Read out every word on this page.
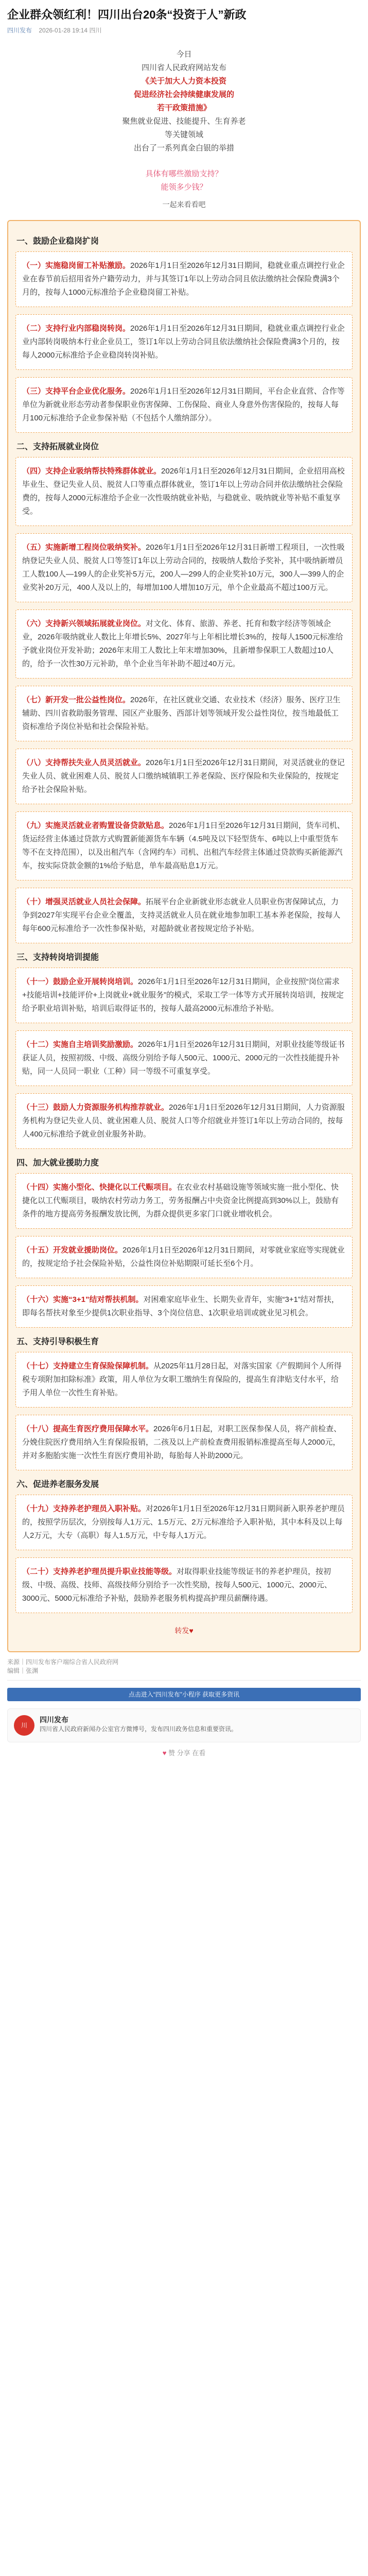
企业群众领红利！四川出台20条“投资于人”新政
四川发布 2026-01-28 19:14 四川

今日

四川省人民政府网站发布

《关于加大人力资本投资

促进经济社会持续健康发展的

若干政策措施》

聚焦就业促进、技能提升、生育养老

等关键领域

出台了一系列真金白银的举措

具体有哪些激励支持？

能领多少钱？

一起来看看吧
一、鼓励企业稳岗扩岗
（一）实施稳岗留工补贴激励。2026年1月1日至2026年12月31日期间，稳就业重点调控行业企业在春节前后招用省外户籍劳动力，并与其签订1年以上劳动合同且依法缴纳社会保险费满3个月的，按每人1000元标准给予企业稳岗留工补贴。
（二）支持行业内部稳岗转岗。2026年1月1日至2026年12月31日期间，稳就业重点调控行业企业内部转岗吸纳本行业企业员工，签订1年以上劳动合同且依法缴纳社会保险费满3个月的，按每人2000元标准给予企业稳岗转岗补贴。
（三）支持平台企业优化服务。2026年1月1日至2026年12月31日期间，平台企业直营、合作等单位为新就业形态劳动者参保职业伤害保障、工伤保险、商业人身意外伤害保险的，按每人每月100元标准给予企业参保补贴（不包括个人缴纳部分）。
二、支持拓展就业岗位
（四）支持企业吸纳帮扶特殊群体就业。2026年1月1日至2026年12月31日期间，企业招用高校毕业生、登记失业人员、脱贫人口等重点群体就业，签订1年以上劳动合同并依法缴纳社会保险费的，按每人2000元标准给予企业一次性吸纳就业补贴，与稳就业、吸纳就业等补贴不重复享受。
（五）实施新增工程岗位吸纳奖补。2026年1月1日至2026年12月31日新增工程项目，一次性吸纳登记失业人员、脱贫人口等签订1年以上劳动合同的，按吸纳人数给予奖补，其中吸纳新增员工人数100人—199人的企业奖补5万元，200人—299人的企业奖补10万元，300人—399人的企业奖补20万元，400人及以上的，每增加100人增加10万元，单个企业最高不超过100万元。
（六）支持新兴领域拓展就业岗位。对文化、体育、旅游、养老、托育和数字经济等领域企业，2026年吸纳就业人数比上年增长5%、2027年与上年相比增长3%的，按每人1500元标准给予就业岗位开发补助；2026年末用工人数比上年末增加30%，且新增参保职工人数超过10人的，给予一次性30万元补助，单个企业当年补助不超过40万元。
（七）新开发一批公益性岗位。2026年，在社区就业交通、农业技术（经济）服务、医疗卫生辅助、四川省救助服务管理、园区产业服务、西部计划等领域开发公益性岗位，按当地最低工资标准给予岗位补贴和社会保险补贴。
（八）支持帮扶失业人员灵活就业。2026年1月1日至2026年12月31日期间，对灵活就业的登记失业人员、就业困难人员、脱贫人口缴纳城镇职工养老保险、医疗保险和失业保险的，按规定给予社会保险补贴。
（九）实施灵活就业者购置设备贷款贴息。2026年1月1日至2026年12月31日期间，货车司机、货运经营主体通过贷款方式购置新能源货车车辆（4.5吨及以下轻型货车、6吨以上中重型货车等不在支持范围），以及出租汽车（含网约车）司机、出租汽车经营主体通过贷款购买新能源汽车，按实际贷款金额的1%给予贴息，单车最高贴息1万元。
（十）增强灵活就业人员社会保障。拓展平台企业新就业形态就业人员职业伤害保障试点，力争到2027年实现平台企业全覆盖，支持灵活就业人员在就业地参加职工基本养老保险，按每人每年600元标准给予一次性参保补贴，对超龄就业者按规定给予补贴。
三、支持转岗培训提能
（十一）鼓励企业开展转岗培训。2026年1月1日至2026年12月31日期间，企业按照“岗位需求+技能培训+技能评价+上岗就业+就业服务”的模式，采取工学一体等方式开展转岗培训，按规定给予职业培训补贴，培训后取得证书的，按每人最高2000元标准给予补贴。
（十二）实施自主培训奖励激励。2026年1月1日至2026年12月31日期间，对职业技能等级证书获证人员，按照初级、中级、高级分别给予每人500元、1000元、2000元的一次性技能提升补贴，同一人员同一职业（工种）同一等级不可重复享受。
（十三）鼓励人力资源服务机构推荐就业。2026年1月1日至2026年12月31日期间，人力资源服务机构为登记失业人员、就业困难人员、脱贫人口等介绍就业并签订1年以上劳动合同的，按每人400元标准给予就业创业服务补助。
四、加大就业援助力度
（十四）实施小型化、快捷化以工代赈项目。在农业农村基础设施等领域实施一批小型化、快捷化以工代赈项目，吸纳农村劳动力务工，劳务报酬占中央资金比例提高到30%以上，鼓励有条件的地方提高劳务报酬发放比例，为群众提供更多家门口就业增收机会。
（十五）开发就业援助岗位。2026年1月1日至2026年12月31日期间，对零就业家庭等实现就业的，按规定给予社会保险补贴，公益性岗位补贴期限可延长至6个月。
（十六）实施“3+1”结对帮扶机制。对困难家庭毕业生、长期失业青年，实施“3+1”结对帮扶，即每名帮扶对象至少提供1次职业指导、3个岗位信息、1次职业培训或就业见习机会。
五、支持引导积极生育
（十七）支持建立生育保险保障机制。从2025年11月28日起，对落实国家《产假期间个人所得税专项附加扣除标准》政策，用人单位为女职工缴纳生育保险的，提高生育津贴支付水平，给予用人单位一次性生育补贴。
（十八）提高生育医疗费用保障水平。2026年6月1日起，对职工医保参保人员，将产前检查、分娩住院医疗费用纳入生育保险报销，二孩及以上产前检查费用报销标准提高至每人2000元，并对多胞胎实施一次性生育医疗费用补助，每胎每人补助2000元。
六、促进养老服务发展
（十九）支持养老护理员入职补贴。对2026年1月1日至2026年12月31日期间新入职养老护理员的，按照学历层次，分别按每人1万元、1.5万元、2万元标准给予入职补贴，其中本科及以上每人2万元，大专（高职）每人1.5万元，中专每人1万元。
（二十）支持养老护理员提升职业技能等级。对取得职业技能等级证书的养老护理员，按初级、中级、高级、技师、高级技师分别给予一次性奖励，按每人500元、1000元、2000元、3000元、5000元标准给予补贴，鼓励养老服务机构提高护理员薪酬待遇。
转发♥
来源｜四川发布客户端综合省人民政府网
编辑｜张渊
点击进入“四川发布”小程序 获取更多资讯
川
四川发布
四川省人民政府新闻办公室官方微博号，发布四川政务信息和重要资讯。
♥ 赞 分享 在看
